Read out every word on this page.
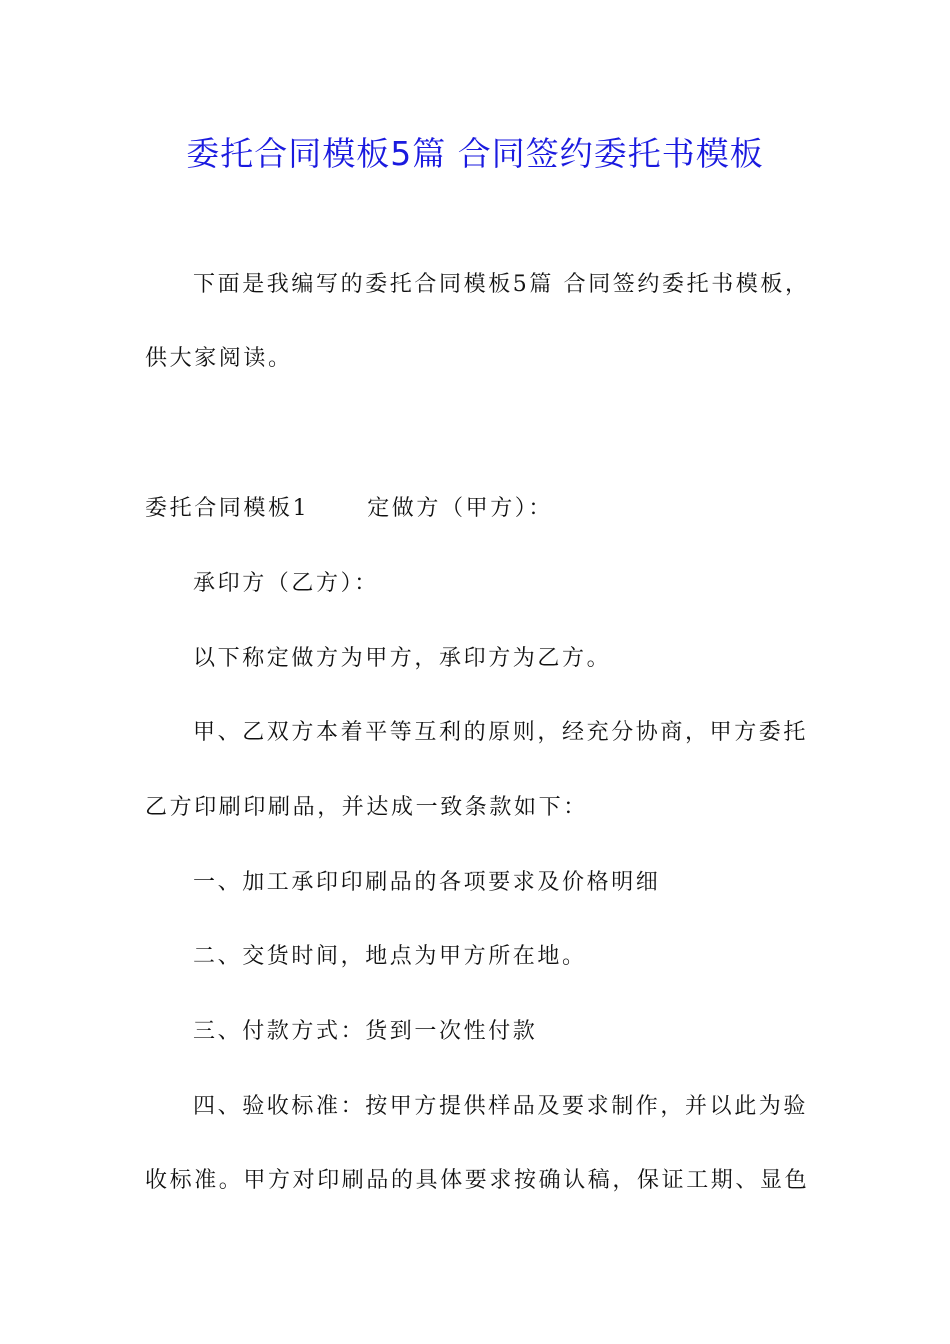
委托合同模板5篇 合同签约委托书模板
下面是我编写的委托合同模板5篇 合同签约委托书模板，
供大家阅读。
委托合同模板1	定做方（甲方）：
承印方（乙方）：
以下称定做方为甲方，承印方为乙方。
甲、乙双方本着平等互利的原则，经充分协商，甲方委托
乙方印刷印刷品，并达成一致条款如下：
一、加工承印印刷品的各项要求及价格明细
二、交货时间，地点为甲方所在地。
三、付款方式：货到一次性付款
四、验收标准：按甲方提供样品及要求制作，并以此为验
收标准。甲方对印刷品的具体要求按确认稿，保证工期、显色
